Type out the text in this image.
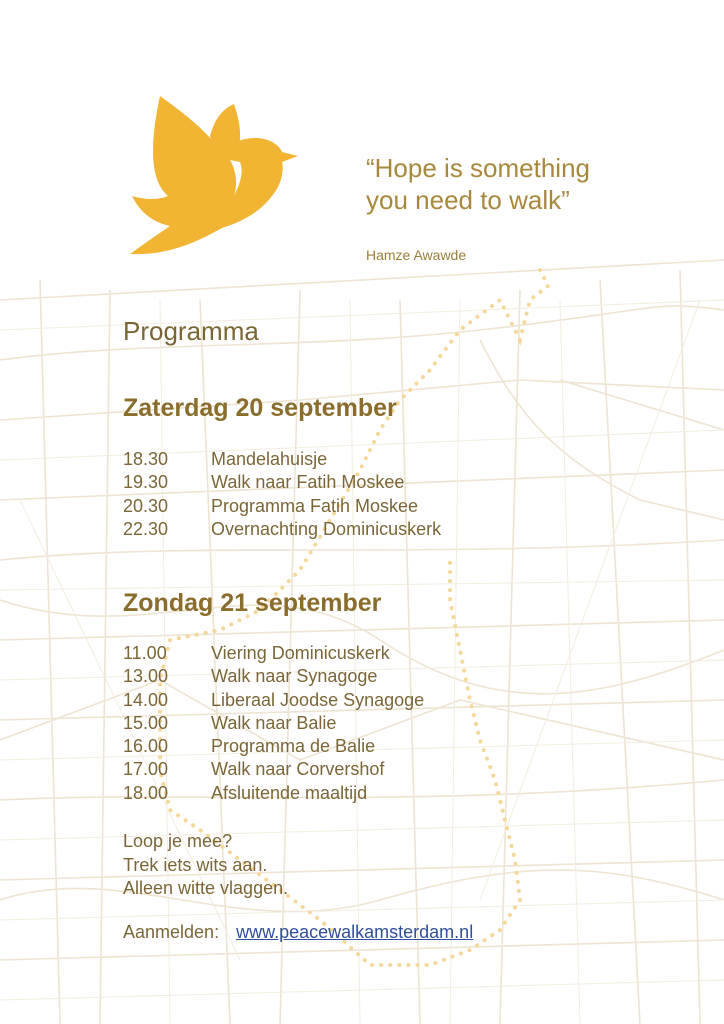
“Hope is something
you need to walk”
Hamze Awawde
Programma
Zaterdag 20 september
18.30 Mandelahuisje
19.30 Walk naar Fatih Moskee
20.30 Programma Fatih Moskee
22.30 Overnachting Dominicuskerk
Zondag 21 september
11.00 Viering Dominicuskerk
13.00 Walk naar Synagoge
14.00 Liberaal Joodse Synagoge
15.00 Walk naar Balie
16.00 Programma de Balie
17.00 Walk naar Corvershof
18.00 Afsluitende maaltijd
Loop je mee?
Trek iets wits aan.
Alleen witte vlaggen.
Aanmelden: www.peacewalkamsterdam.nl
